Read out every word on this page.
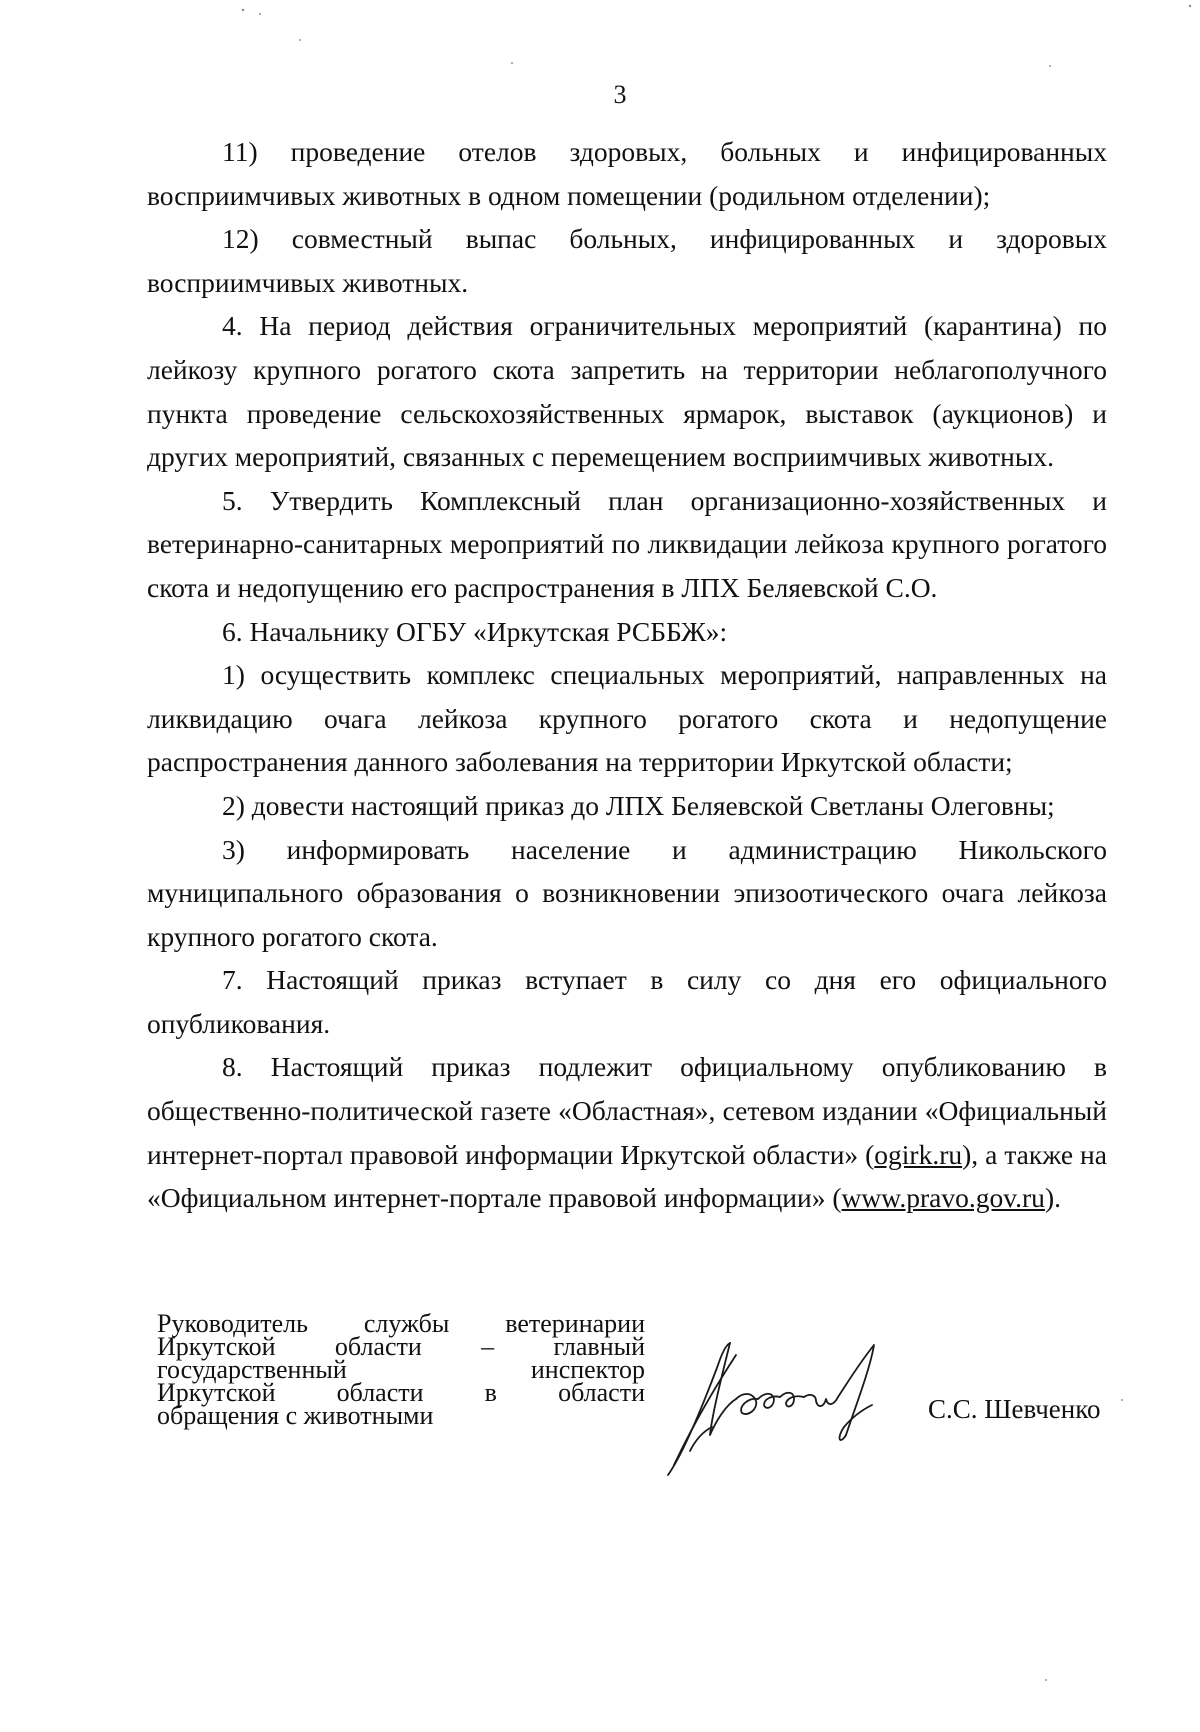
3

11) проведение отелов здоровых, больных и инфицированных восприимчивых животных в одном помещении (родильном отделении);

12) совместный выпас больных, инфицированных и здоровых восприимчивых животных.

4. На период действия ограничительных мероприятий (карантина) по лейкозу крупного рогатого скота запретить на территории неблагополучного пункта проведение сельскохозяйственных ярмарок, выставок (аукционов) и других мероприятий, связанных с перемещением восприимчивых животных.

5. Утвердить Комплексный план организационно-хозяйственных и ветеринарно-санитарных мероприятий по ликвидации лейкоза крупного рогатого скота и недопущению его распространения в ЛПХ Беляевской С.О.

6. Начальнику ОГБУ «Иркутская РСББЖ»:

1) осуществить комплекс специальных мероприятий, направленных на ликвидацию очага лейкоза крупного рогатого скота и недопущение распространения данного заболевания на территории Иркутской области;

2) довести настоящий приказ до ЛПХ Беляевской Светланы Олеговны;

3) информировать население и администрацию Никольского муниципального образования о возникновении эпизоотического очага лейкоза крупного рогатого скота.

7. Настоящий приказ вступает в силу со дня его официального опубликования.

8. Настоящий приказ подлежит официальному опубликованию в общественно-политической газете «Областная», сетевом издании «Официальный интернет-портал правовой информации Иркутской области» (ogirk.ru), а также на «Официальном интернет-портале правовой информации» (www.pravo.gov.ru).

Руководитель службы ветеринарии
Иркутской области – главный
государственный инспектор
Иркутской области в области
обращения с животными	С.С. Шевченко
